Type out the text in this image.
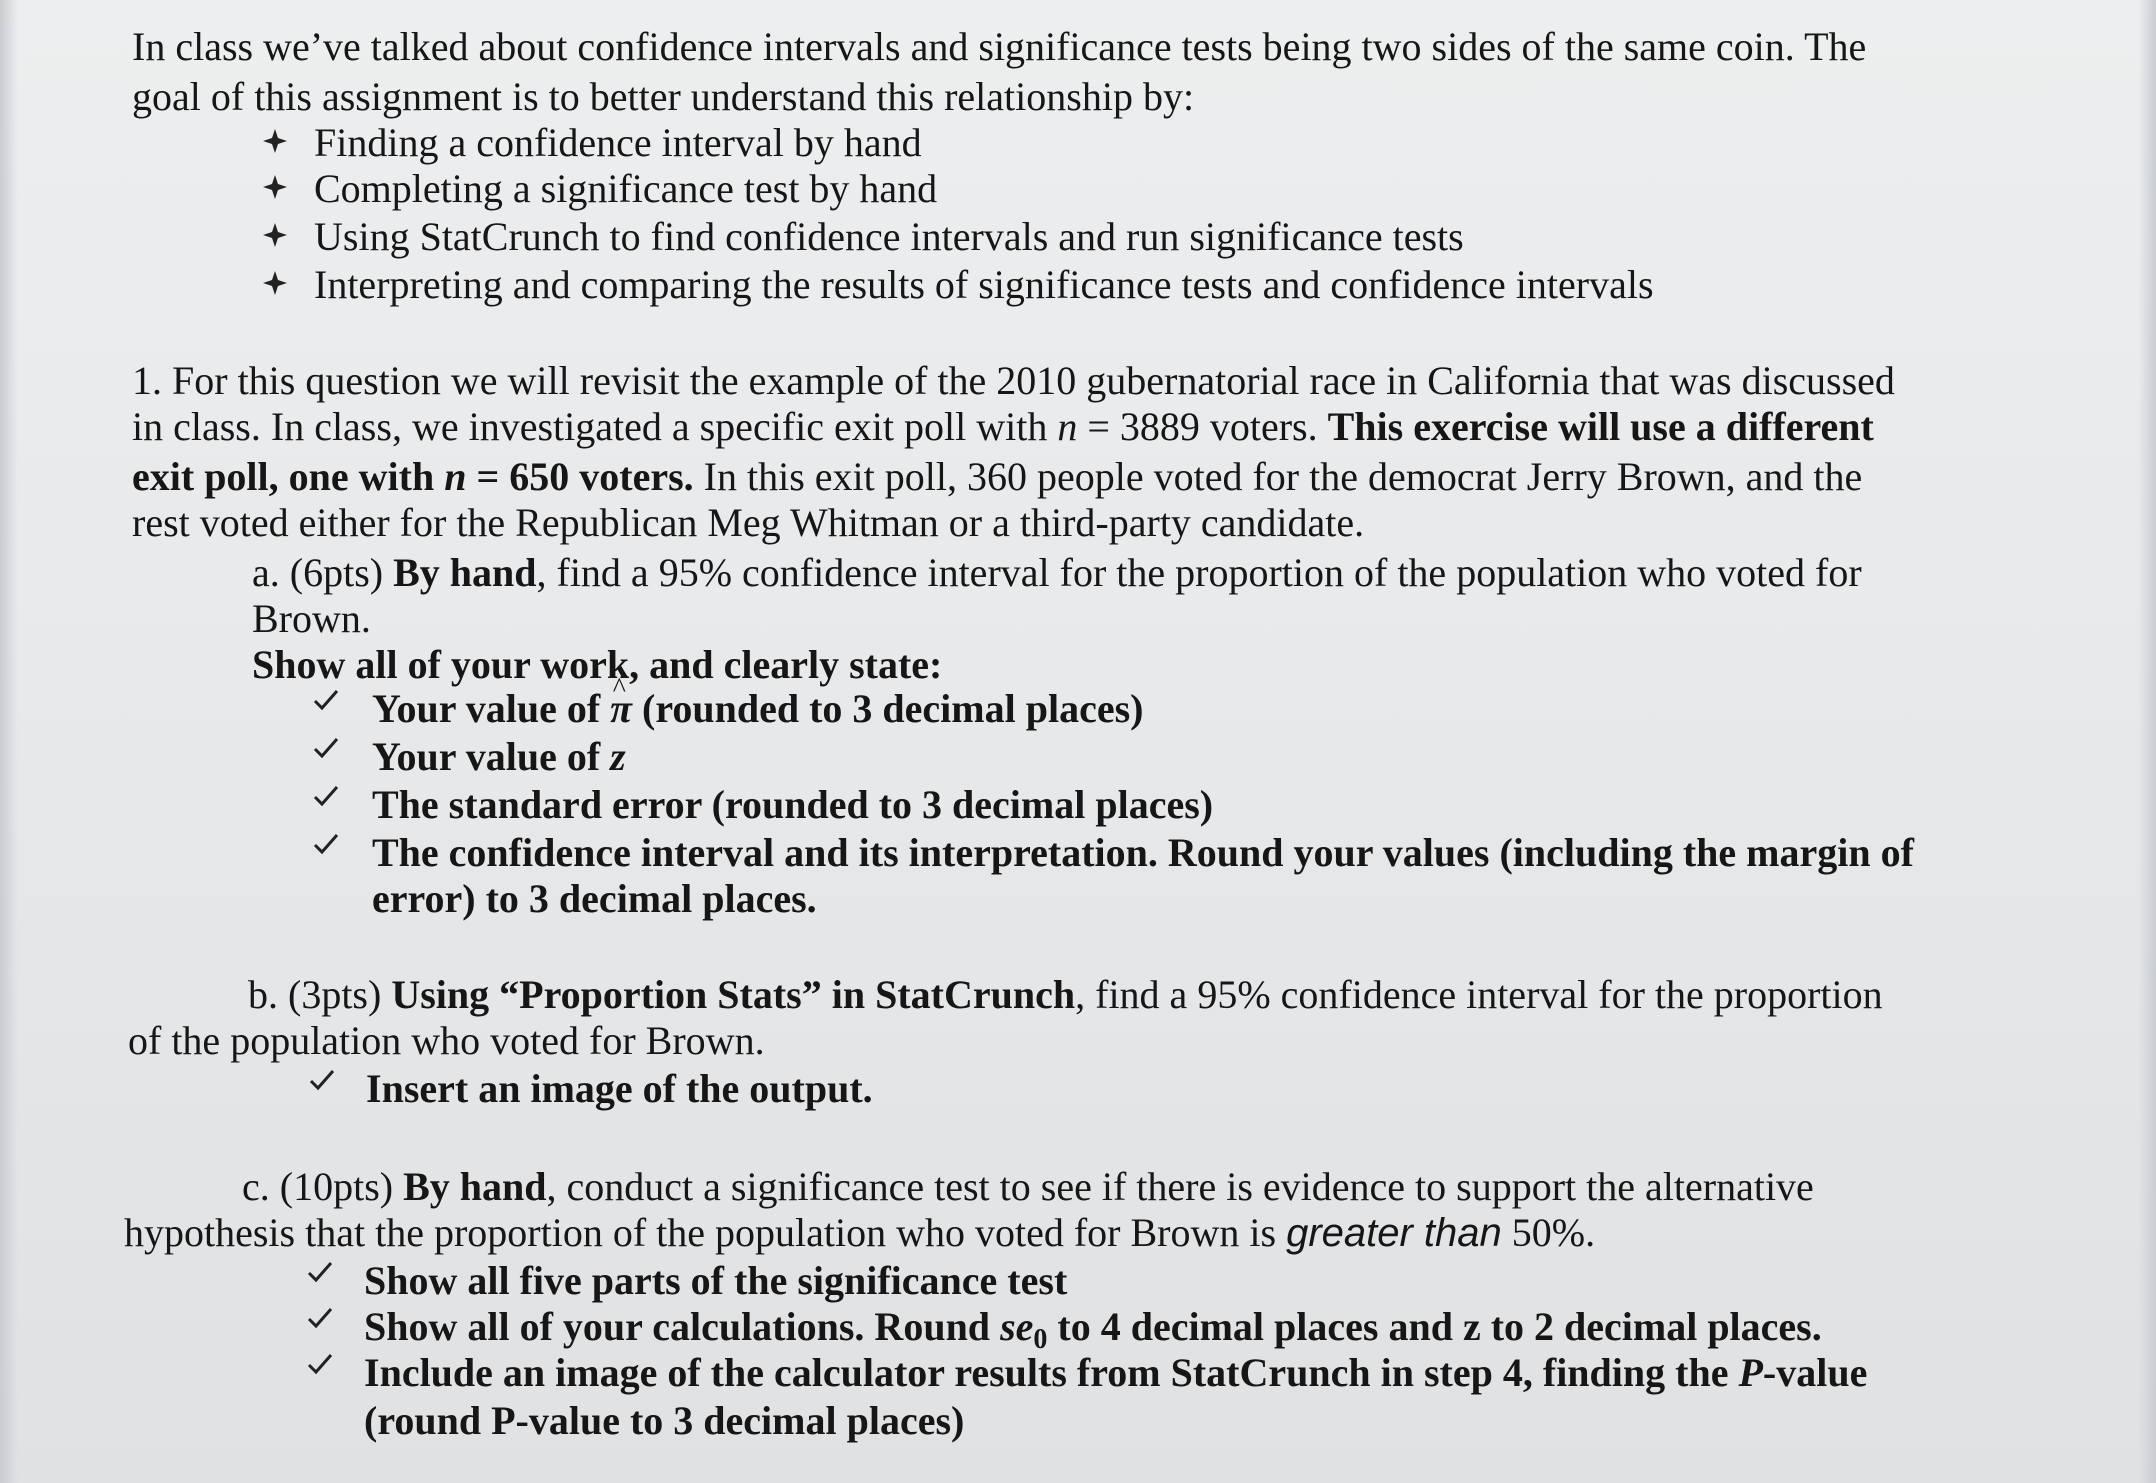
In class we’ve talked about confidence intervals and significance tests being two sides of the same coin. The
goal of this assignment is to better understand this relationship by:
Finding a confidence interval by hand
Completing a significance test by hand
Using StatCrunch to find confidence intervals and run significance tests
Interpreting and comparing the results of significance tests and confidence intervals
1. For this question we will revisit the example of the 2010 gubernatorial race in California that was discussed
in class. In class, we investigated a specific exit poll with n = 3889 voters. This exercise will use a different
exit poll, one with n = 650 voters. In this exit poll, 360 people voted for the democrat Jerry Brown, and the
rest voted either for the Republican Meg Whitman or a third-party candidate.
a. (6pts) By hand, find a 95% confidence interval for the proportion of the population who voted for
Brown.
Show all of your work, and clearly state:
Your value of π ^ (rounded to 3 decimal places)
Your value of z
The standard error (rounded to 3 decimal places)
The confidence interval and its interpretation. Round your values (including the margin of
error) to 3 decimal places.
b. (3pts) Using “Proportion Stats” in StatCrunch, find a 95% confidence interval for the proportion
of the population who voted for Brown.
Insert an image of the output.
c. (10pts) By hand, conduct a significance test to see if there is evidence to support the alternative
hypothesis that the proportion of the population who voted for Brown is greater than 50%.
Show all five parts of the significance test
Show all of your calculations. Round $se_0$ to 4 decimal places and z to 2 decimal places.
Include an image of the calculator results from StatCrunch in step 4, finding the P-value
(round P-value to 3 decimal places)
